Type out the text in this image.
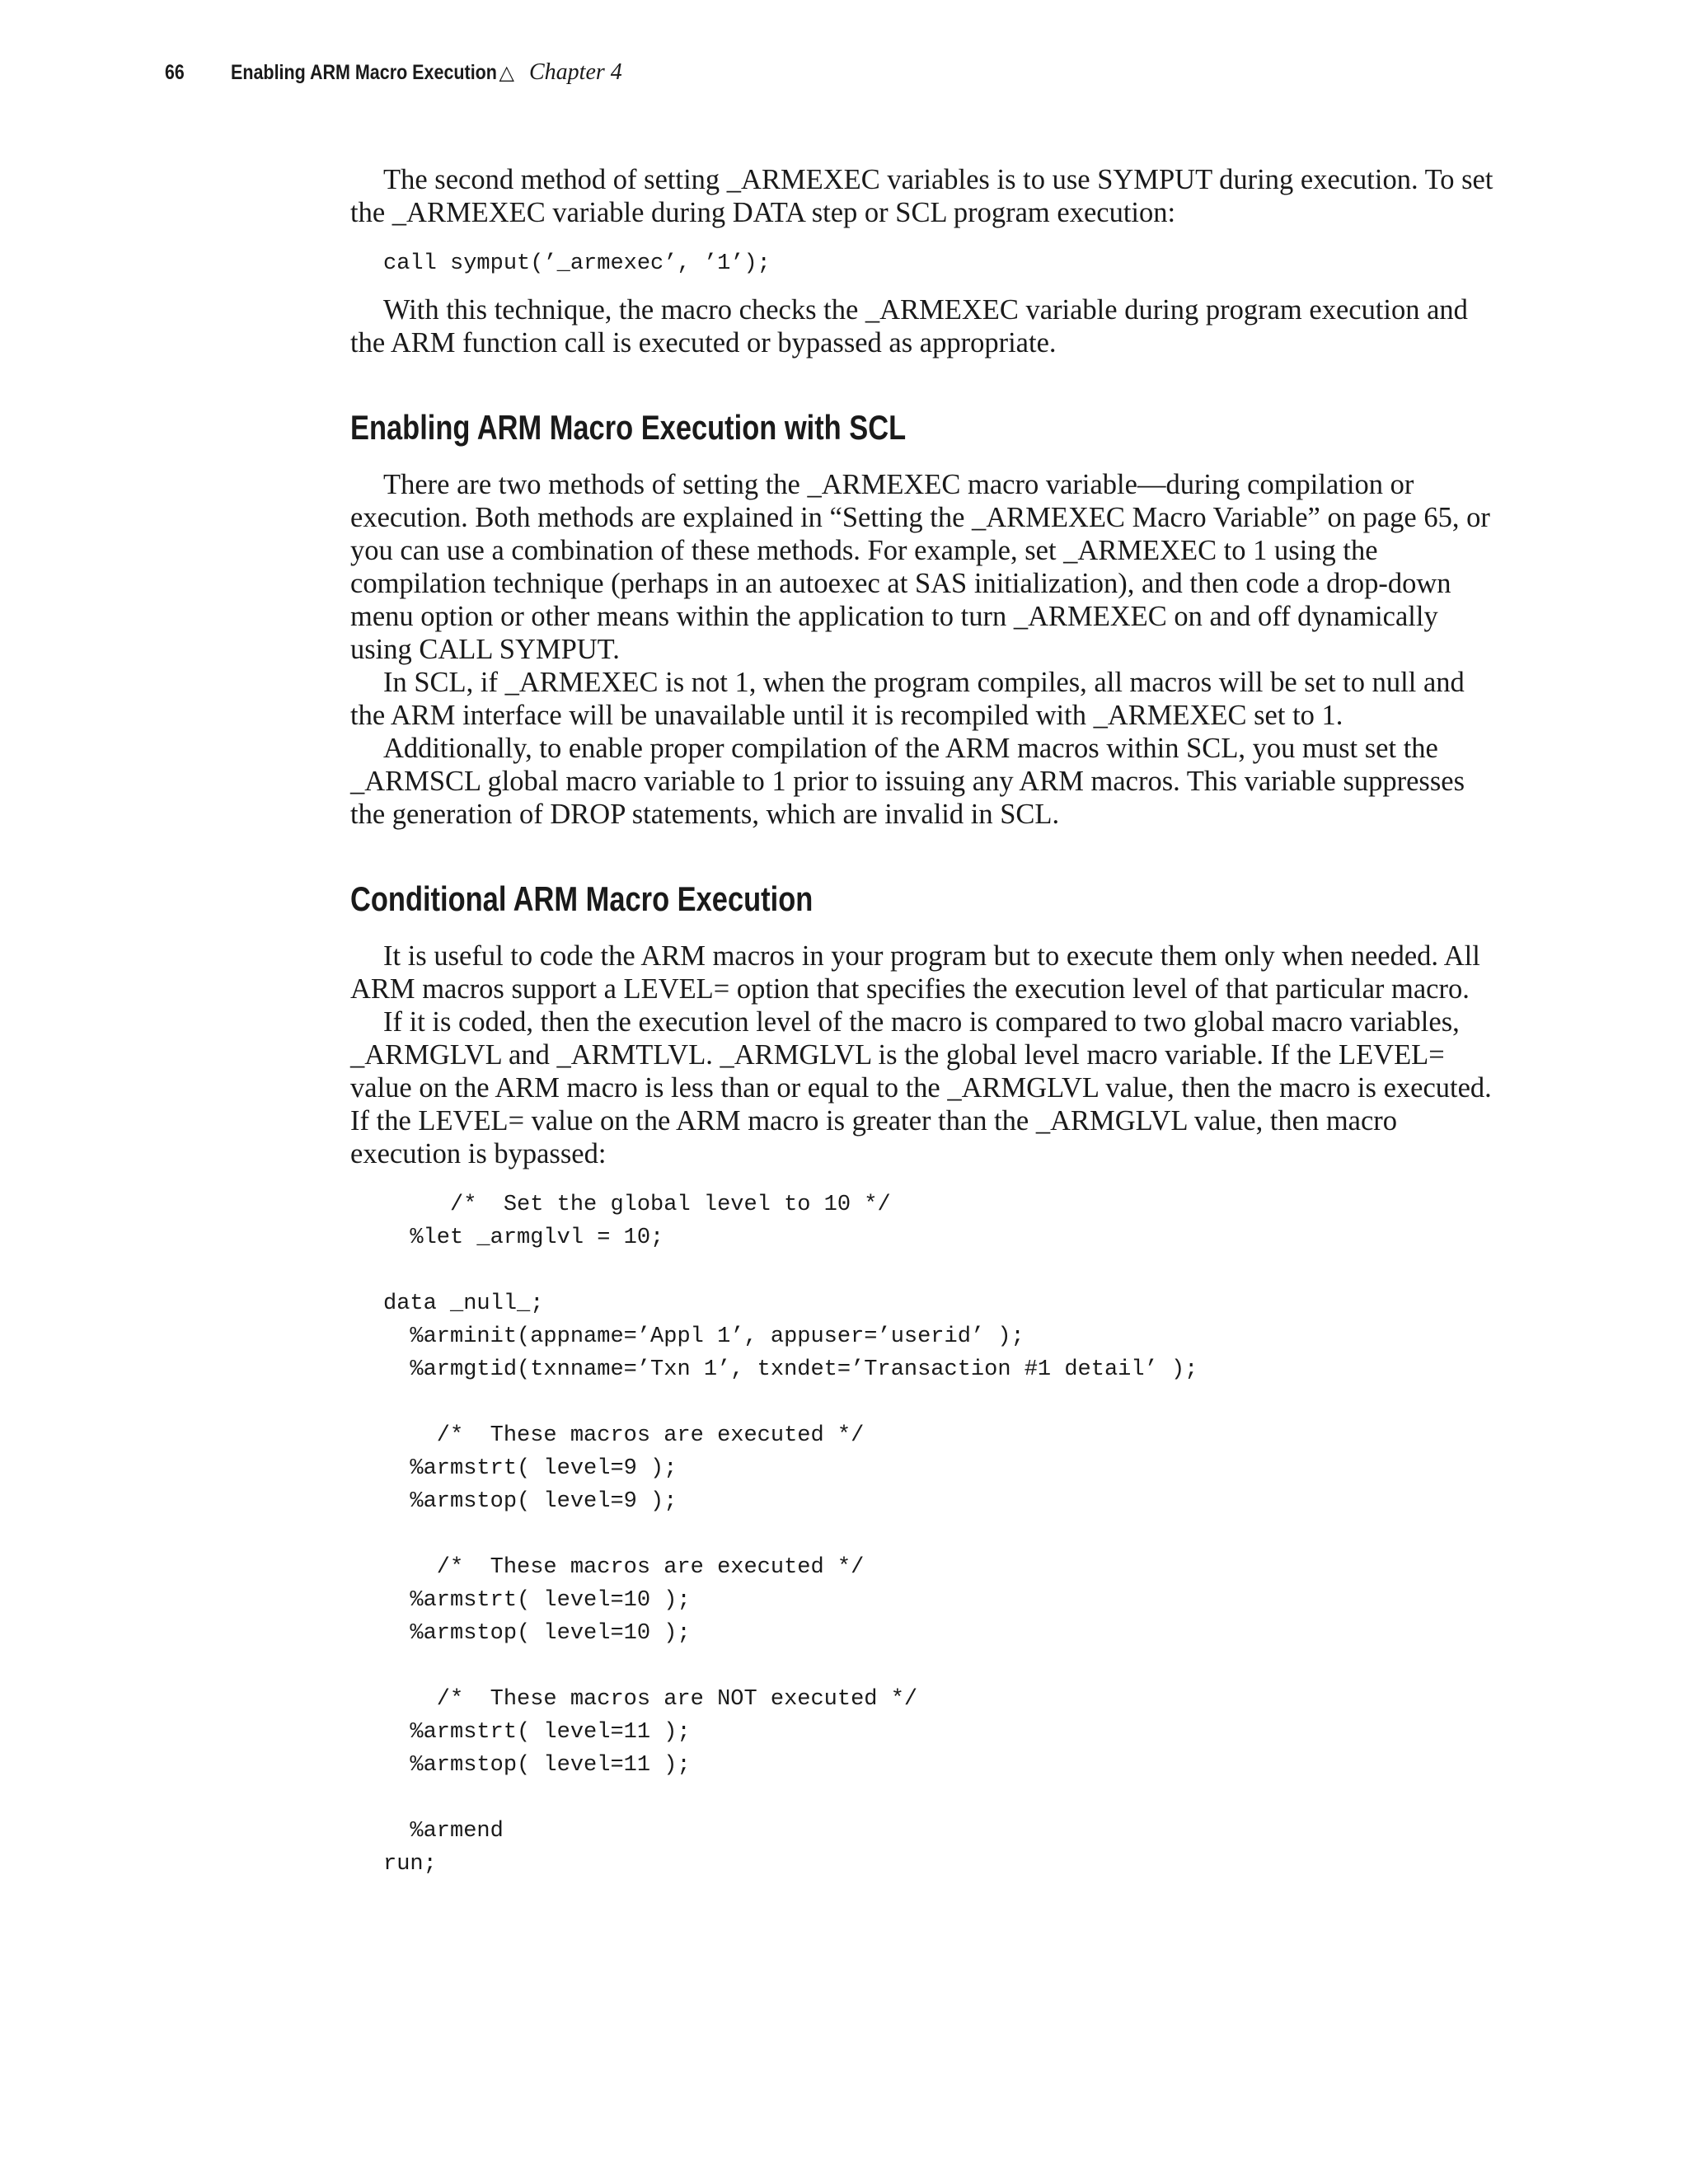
66	Enabling ARM Macro Execution △ Chapter 4

The second method of setting _ARMEXEC variables is to use SYMPUT during execution. To set the _ARMEXEC variable during DATA step or SCL program execution:

call symput(’_armexec’, ’1’);

With this technique, the macro checks the _ARMEXEC variable during program execution and the ARM function call is executed or bypassed as appropriate.

Enabling ARM Macro Execution with SCL

There are two methods of setting the _ARMEXEC macro variable—during compilation or execution. Both methods are explained in “Setting the _ARMEXEC Macro Variable” on page 65, or you can use a combination of these methods. For example, set _ARMEXEC to 1 using the compilation technique (perhaps in an autoexec at SAS initialization), and then code a drop-down menu option or other means within the application to turn _ARMEXEC on and off dynamically using CALL SYMPUT.

In SCL, if _ARMEXEC is not 1, when the program compiles, all macros will be set to null and the ARM interface will be unavailable until it is recompiled with _ARMEXEC set to 1.

Additionally, to enable proper compilation of the ARM macros within SCL, you must set the _ARMSCL global macro variable to 1 prior to issuing any ARM macros. This variable suppresses the generation of DROP statements, which are invalid in SCL.

Conditional ARM Macro Execution

It is useful to code the ARM macros in your program but to execute them only when needed. All ARM macros support a LEVEL= option that specifies the execution level of that particular macro.

If it is coded, then the execution level of the macro is compared to two global macro variables, _ARMGLVL and _ARMTLVL. _ARMGLVL is the global level macro variable. If the LEVEL= value on the ARM macro is less than or equal to the _ARMGLVL value, then the macro is executed. If the LEVEL= value on the ARM macro is greater than the _ARMGLVL value, then macro execution is bypassed:

/*  Set the global level to 10 */
%let _armglvl = 10;

data _null_;
%arminit(appname=’Appl 1’, appuser=’userid’ );
%armgtid(txnname=’Txn 1’, txndet=’Transaction #1 detail’ );

/*  These macros are executed */
%armstrt( level=9 );
%armstop( level=9 );

/*  These macros are executed */
%armstrt( level=10 );
%armstop( level=10 );

/*  These macros are NOT executed */
%armstrt( level=11 );
%armstop( level=11 );

%armend
run;
